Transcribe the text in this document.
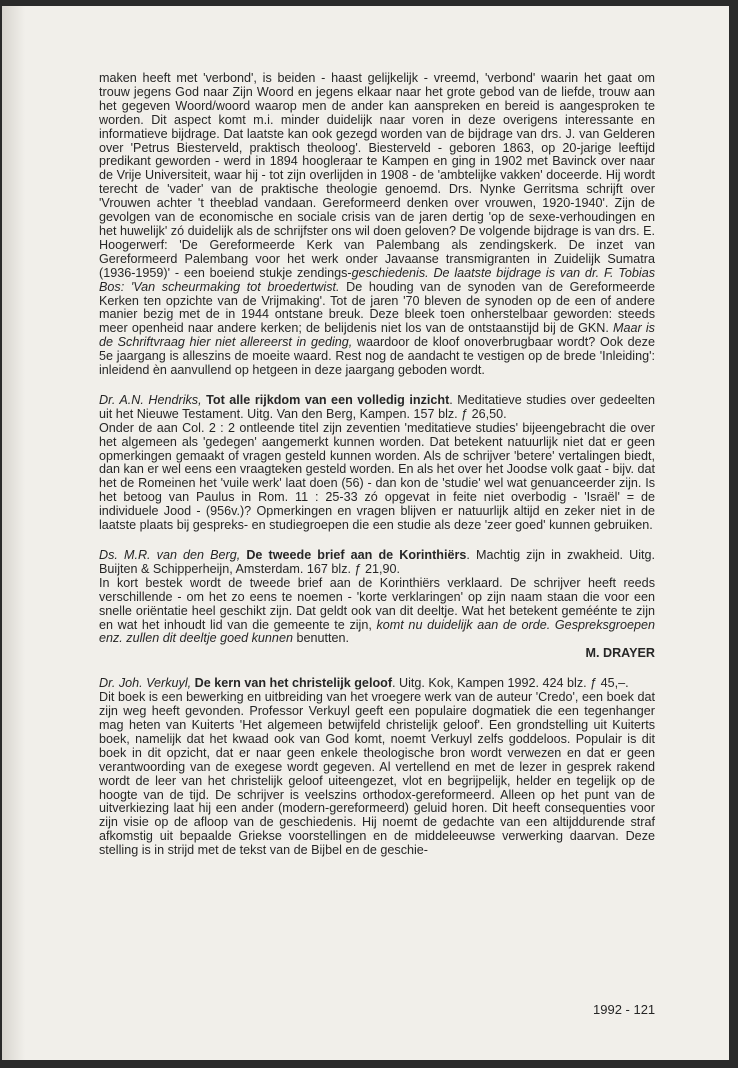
maken heeft met 'verbond', is beiden - haast gelijkelijk - vreemd, 'verbond' waarin het gaat om trouw jegens God naar Zijn Woord en jegens elkaar naar het grote gebod van de liefde, trouw aan het gegeven Woord/woord waarop men de ander kan aanspreken en bereid is aangesproken te worden. Dit aspect komt m.i. minder duidelijk naar voren in deze overigens interessante en informatieve bijdrage. Dat laatste kan ook gezegd worden van de bijdrage van drs. J. van Gelderen over 'Petrus Biesterveld, praktisch theoloog'. Biesterveld - geboren 1863, op 20-jarige leeftijd predikant geworden - werd in 1894 hoogleraar te Kampen en ging in 1902 met Bavinck over naar de Vrije Universiteit, waar hij - tot zijn overlijden in 1908 - de 'ambtelijke vakken' doceerde. Hij wordt terecht de 'vader' van de praktische theologie genoemd. Drs. Nynke Gerritsma schrijft over 'Vrouwen achter 't theeblad vandaan. Gereformeerd denken over vrouwen, 1920-1940'. Zijn de gevolgen van de economische en sociale crisis van de jaren dertig 'op de sexe-verhoudingen en het huwelijk' zó duidelijk als de schrijfster ons wil doen geloven? De volgende bijdrage is van drs. E. Hoogerwerf: 'De Gereformeerde Kerk van Palembang als zendingskerk. De inzet van Gereformeerd Palembang voor het werk onder Javaanse transmigranten in Zuidelijk Sumatra (1936-1959)' - een boeiend stukje zendings-geschiedenis. De laatste bijdrage is van dr. F. Tobias Bos: 'Van scheurmaking tot broedertwist. De houding van de synoden van de Gereformeerde Kerken ten opzichte van de Vrijmaking'. Tot de jaren '70 bleven de synoden op de een of andere manier bezig met de in 1944 ontstane breuk. Deze bleek toen onherstelbaar geworden: steeds meer openheid naar andere kerken; de belijdenis niet los van de ontstaanstijd bij de GKN. Maar is de Schriftvraag hier niet allereerst in geding, waardoor de kloof onoverbrugbaar wordt? Ook deze 5e jaargang is alleszins de moeite waard. Rest nog de aandacht te vestigen op de brede 'Inleiding': inleidend èn aanvullend op hetgeen in deze jaargang geboden wordt.

Dr. A.N. Hendriks, Tot alle rijkdom van een volledig inzicht. Meditatieve studies over gedeelten uit het Nieuwe Testament. Uitg. Van den Berg, Kampen. 157 blz. ƒ 26,50.
Onder de aan Col. 2 : 2 ontleende titel zijn zeventien 'meditatieve studies' bijeengebracht die over het algemeen als 'gedegen' aangemerkt kunnen worden. Dat betekent natuurlijk niet dat er geen opmerkingen gemaakt of vragen gesteld kunnen worden. Als de schrijver 'betere' vertalingen biedt, dan kan er wel eens een vraagteken gesteld worden. En als het over het Joodse volk gaat - bijv. dat het de Romeinen het 'vuile werk' laat doen (56) - dan kon de 'studie' wel wat genuanceerder zijn. Is het betoog van Paulus in Rom. 11 : 25-33 zó opgevat in feite niet overbodig - 'Israël' = de individuele Jood - (956v.)? Opmerkingen en vragen blijven er natuurlijk altijd en zeker niet in de laatste plaats bij gespreks- en studiegroepen die een studie als deze 'zeer goed' kunnen gebruiken.

Ds. M.R. van den Berg, De tweede brief aan de Korinthiërs. Machtig zijn in zwakheid. Uitg. Buijten & Schipperheijn, Amsterdam. 167 blz. ƒ 21,90.
In kort bestek wordt de tweede brief aan de Korinthiërs verklaard. De schrijver heeft reeds verschillende - om het zo eens te noemen - 'korte verklaringen' op zijn naam staan die voor een snelle oriëntatie heel geschikt zijn. Dat geldt ook van dit deeltje. Wat het betekent geméénte te zijn en wat het inhoudt lid van die gemeente te zijn, komt nu duidelijk aan de orde. Gespreksgroepen enz. zullen dit deeltje goed kunnen benutten.

M. DRAYER

Dr. Joh. Verkuyl, De kern van het christelijk geloof. Uitg. Kok, Kampen 1992. 424 blz. ƒ 45,–.
Dit boek is een bewerking en uitbreiding van het vroegere werk van de auteur 'Credo', een boek dat zijn weg heeft gevonden. Professor Verkuyl geeft een populaire dogmatiek die een tegenhanger mag heten van Kuiterts 'Het algemeen betwijfeld christelijk geloof'. Een grondstelling uit Kuiterts boek, namelijk dat het kwaad ook van God komt, noemt Verkuyl zelfs goddeloos. Populair is dit boek in dit opzicht, dat er naar geen enkele theologische bron wordt verwezen en dat er geen verantwoording van de exegese wordt gegeven. Al vertellend en met de lezer in gesprek rakend wordt de leer van het christelijk geloof uiteengezet, vlot en begrijpelijk, helder en tegelijk op de hoogte van de tijd. De schrijver is veelszins orthodox-gereformeerd. Alleen op het punt van de uitverkiezing laat hij een ander (modern-gereformeerd) geluid horen. Dit heeft consequenties voor zijn visie op de afloop van de geschiedenis. Hij noemt de gedachte van een altijddurende straf afkomstig uit bepaalde Griekse voorstellingen en de middeleeuwse verwerking daarvan. Deze stelling is in strijd met de tekst van de Bijbel en de geschie-

1992 - 121
